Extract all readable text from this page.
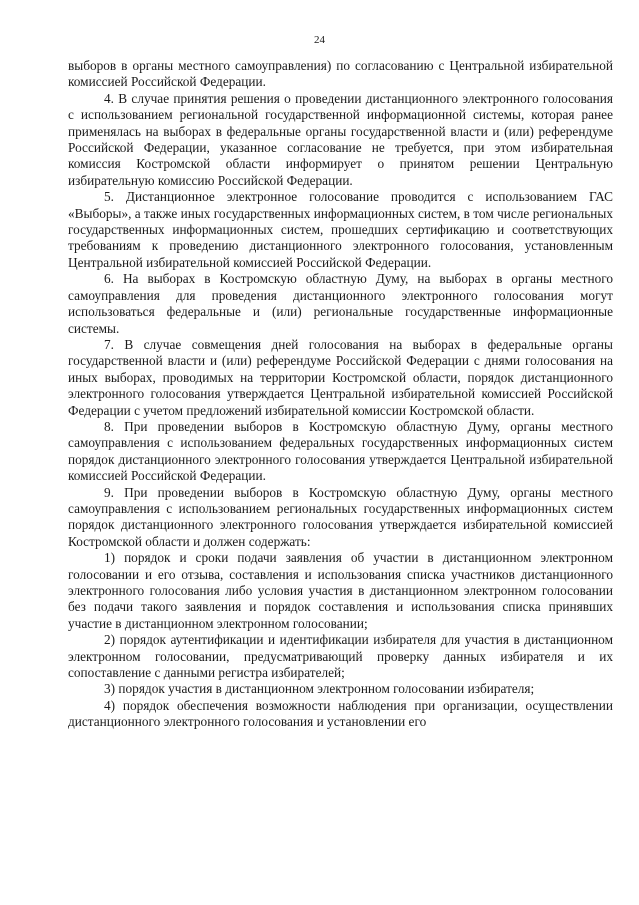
24

выборов в органы местного самоуправления) по согласованию с Центральной избирательной комиссией Российской Федерации.

4. В случае принятия решения о проведении дистанционного электронного голосования с использованием региональной государственной информационной системы, которая ранее применялась на выборах в федеральные органы государственной власти и (или) референдуме Российской Федерации, указанное согласование не требуется, при этом избирательная комиссия Костромской области информирует о принятом решении Центральную избирательную комиссию Российской Федерации.

5. Дистанционное электронное голосование проводится с использованием ГАС «Выборы», а также иных государственных информационных систем, в том числе региональных государственных информационных систем, прошедших сертификацию и соответствующих требованиям к проведению дистанционного электронного голосования, установленным Центральной избирательной комиссией Российской Федерации.

6. На выборах в Костромскую областную Думу, на выборах в органы местного самоуправления для проведения дистанционного электронного голосования могут использоваться федеральные и (или) региональные государственные информационные системы.

7. В случае совмещения дней голосования на выборах в федеральные органы государственной власти и (или) референдуме Российской Федерации с днями голосования на иных выборах, проводимых на территории Костромской области, порядок дистанционного электронного голосования утверждается Центральной избирательной комиссией Российской Федерации с учетом предложений избирательной комиссии Костромской области.

8. При проведении выборов в Костромскую областную Думу, органы местного самоуправления с использованием федеральных государственных информационных систем порядок дистанционного электронного голосования утверждается Центральной избирательной комиссией Российской Федерации.

9. При проведении выборов в Костромскую областную Думу, органы местного самоуправления с использованием региональных государственных информационных систем порядок дистанционного электронного голосования утверждается избирательной комиссией Костромской области и должен содержать:

1) порядок и сроки подачи заявления об участии в дистанционном электронном голосовании и его отзыва, составления и использования списка участников дистанционного электронного голосования либо условия участия в дистанционном электронном голосовании без подачи такого заявления и порядок составления и использования списка принявших участие в дистанционном электронном голосовании;

2) порядок аутентификации и идентификации избирателя для участия в дистанционном электронном голосовании, предусматривающий проверку данных избирателя и их сопоставление с данными регистра избирателей;

3) порядок участия в дистанционном электронном голосовании избирателя;

4) порядок обеспечения возможности наблюдения при организации, осуществлении дистанционного электронного голосования и установлении его
